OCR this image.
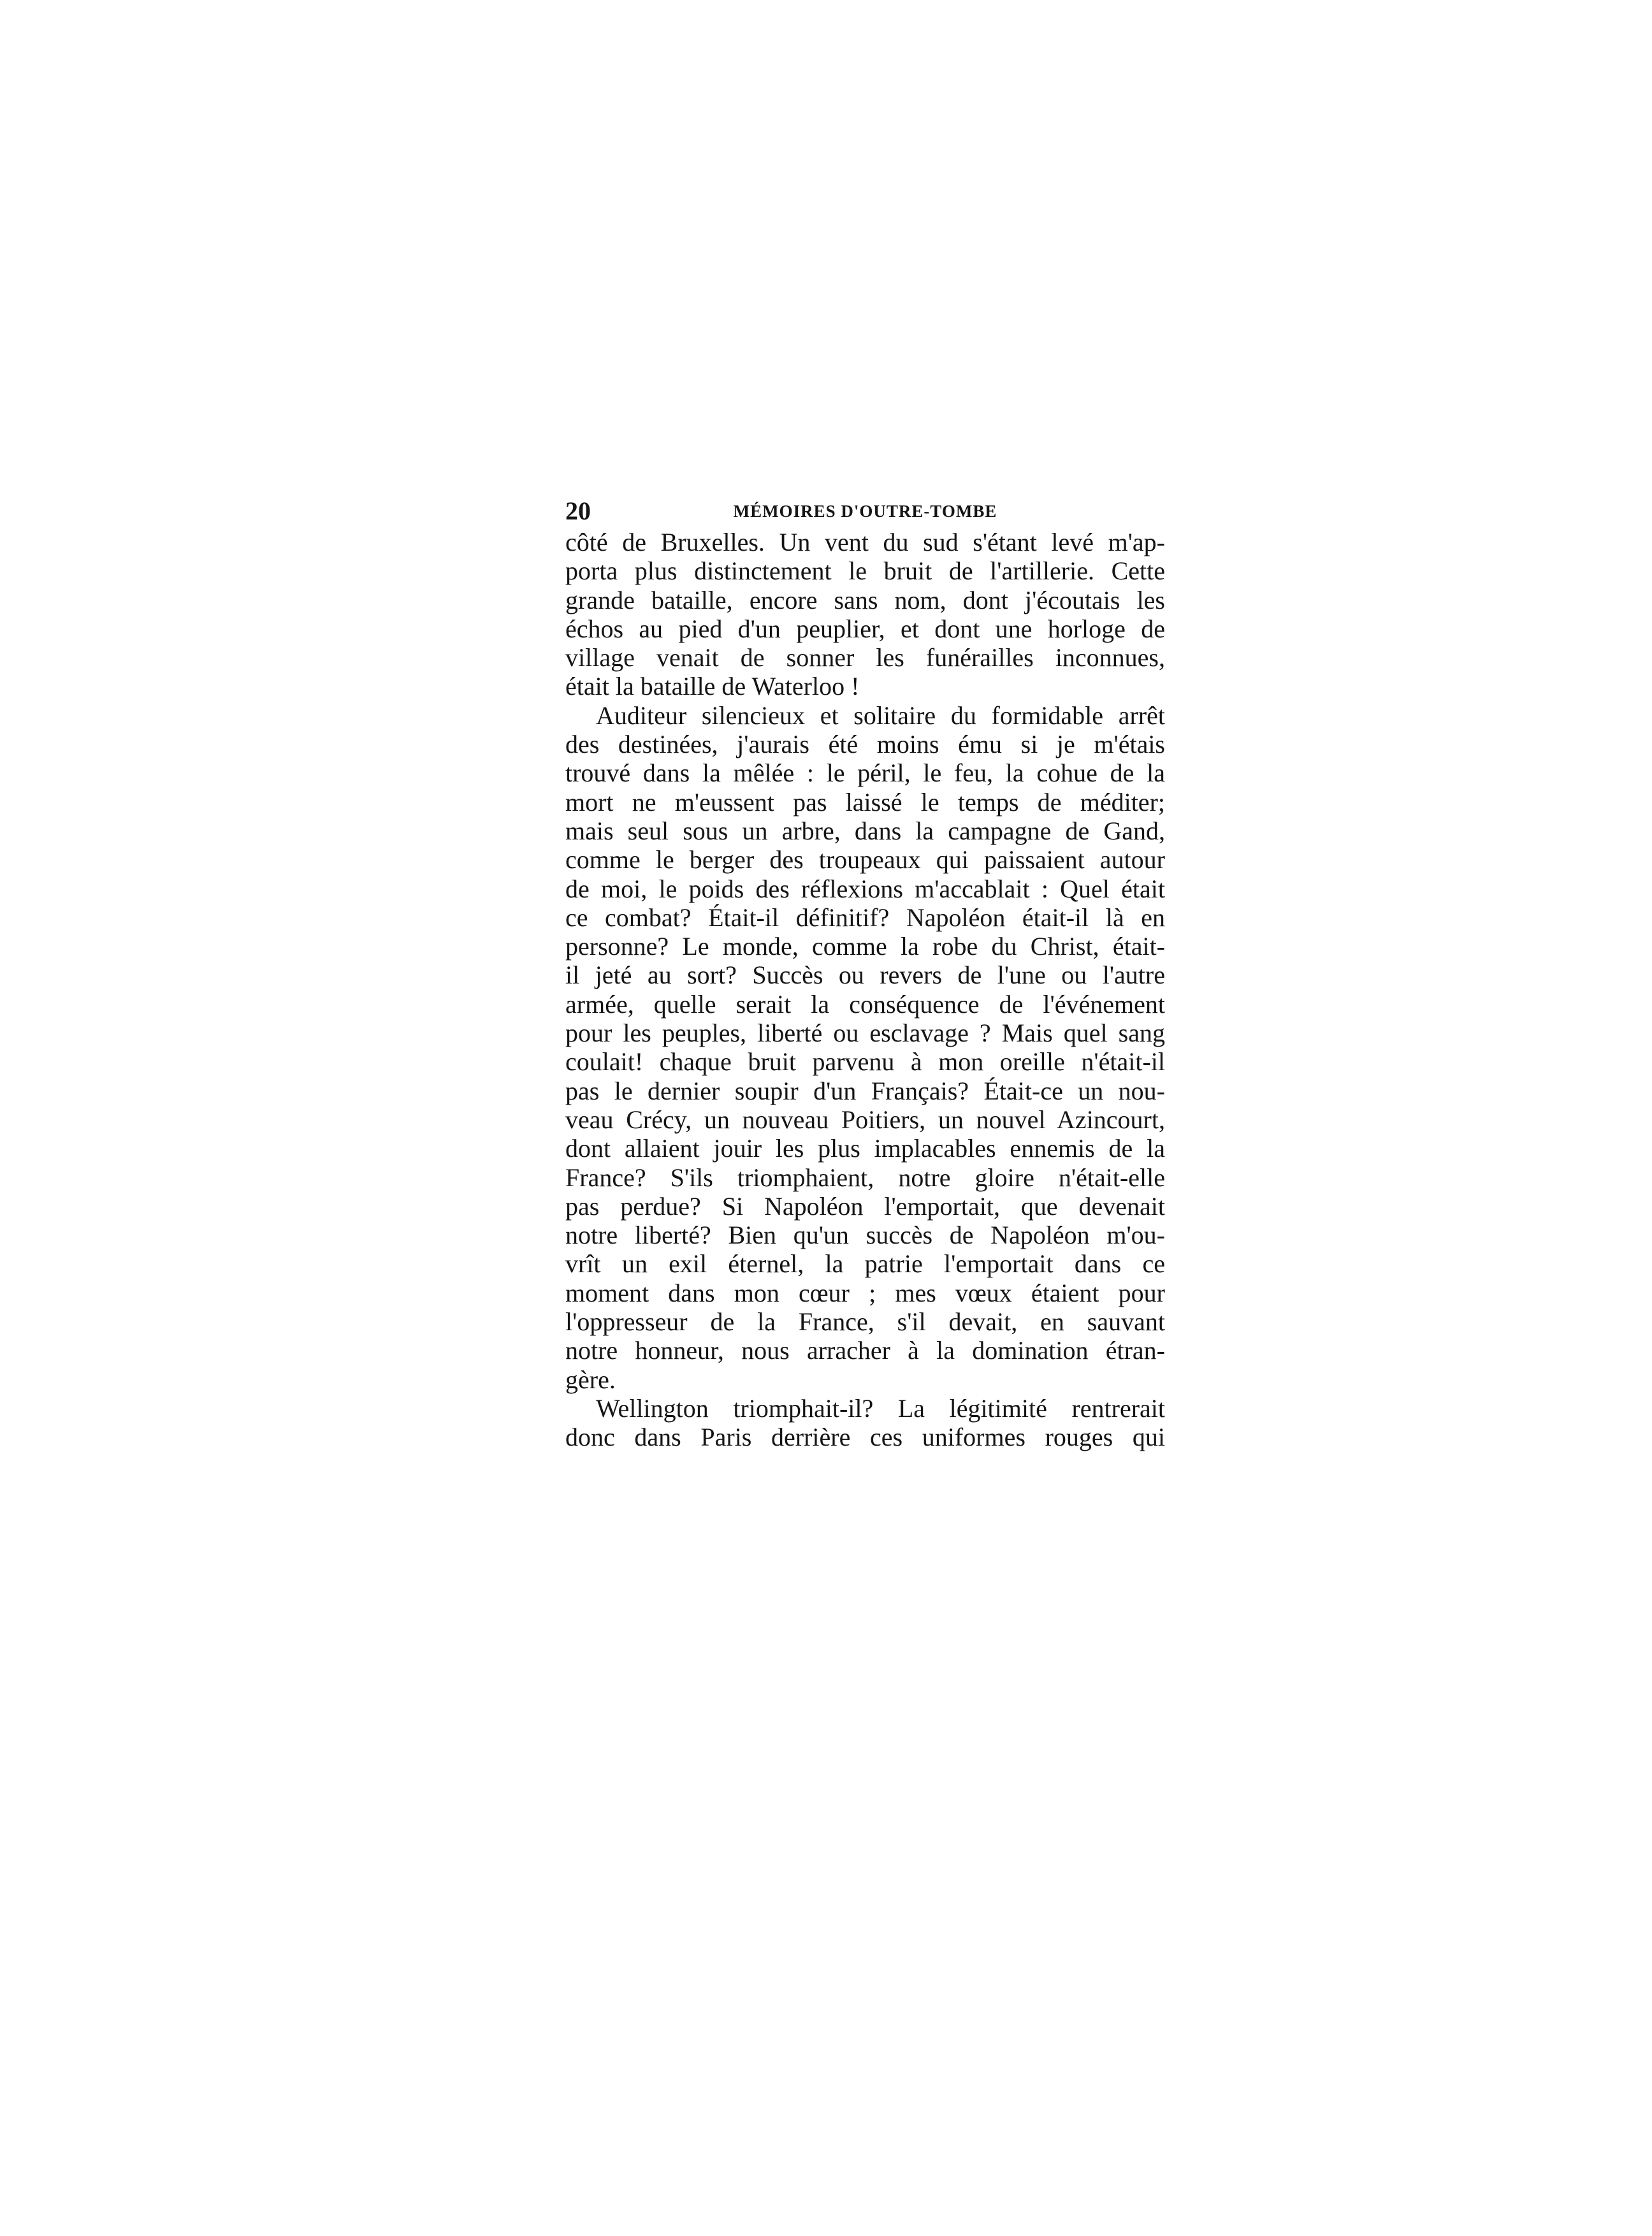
20	MÉMOIRES D'OUTRE-TOMBE

côté de Bruxelles. Un vent du sud s'étant levé m'ap-
porta plus distinctement le bruit de l'artillerie. Cette
grande bataille, encore sans nom, dont j'écoutais les
échos au pied d'un peuplier, et dont une horloge de
village venait de sonner les funérailles inconnues,
était la bataille de Waterloo !

Auditeur silencieux et solitaire du formidable arrêt
des destinées, j'aurais été moins ému si je m'étais
trouvé dans la mêlée : le péril, le feu, la cohue de la
mort ne m'eussent pas laissé le temps de méditer;
mais seul sous un arbre, dans la campagne de Gand,
comme le berger des troupeaux qui paissaient autour
de moi, le poids des réflexions m'accablait : Quel était
ce combat? Était-il définitif? Napoléon était-il là en
personne? Le monde, comme la robe du Christ, était-
il jeté au sort? Succès ou revers de l'une ou l'autre
armée, quelle serait la conséquence de l'événement
pour les peuples, liberté ou esclavage ? Mais quel sang
coulait! chaque bruit parvenu à mon oreille n'était-il
pas le dernier soupir d'un Français? Était-ce un nou-
veau Crécy, un nouveau Poitiers, un nouvel Azincourt,
dont allaient jouir les plus implacables ennemis de la
France? S'ils triomphaient, notre gloire n'était-elle
pas perdue? Si Napoléon l'emportait, que devenait
notre liberté? Bien qu'un succès de Napoléon m'ou-
vrît un exil éternel, la patrie l'emportait dans ce
moment dans mon cœur ; mes vœux étaient pour
l'oppresseur de la France, s'il devait, en sauvant
notre honneur, nous arracher à la domination étran-
gère.

Wellington triomphait-il? La légitimité rentrerait
donc dans Paris derrière ces uniformes rouges qui
